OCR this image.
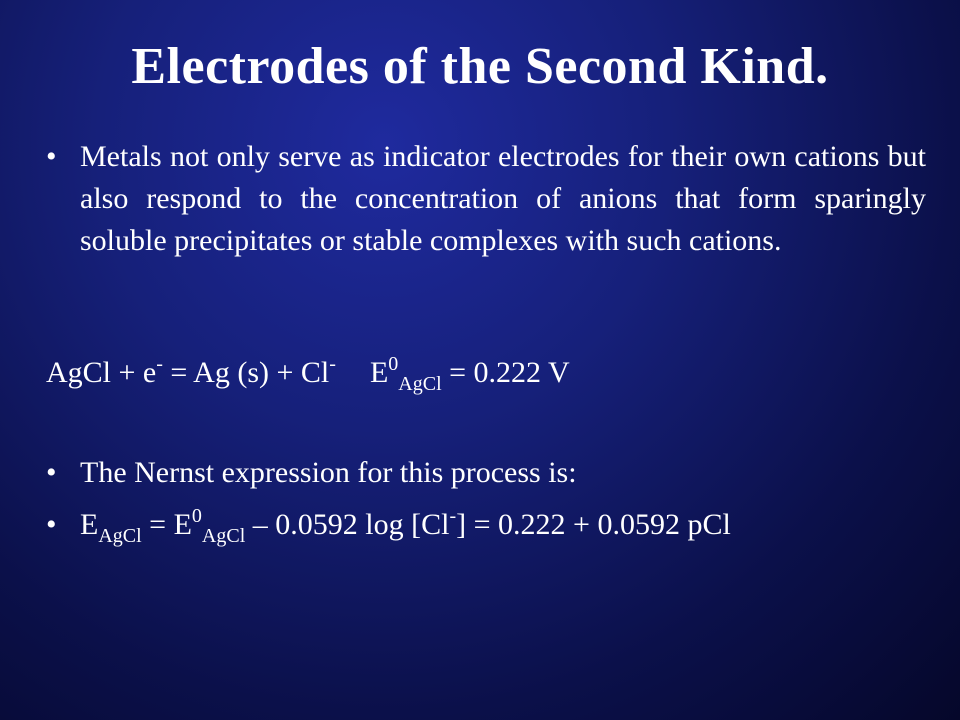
Electrodes of the Second Kind.
• Metals not only serve as indicator electrodes for their own cations but also respond to the concentration of anions that form sparingly soluble precipitates or stable complexes with such cations.
AgCl + e- = Ag (s) + Cl- $E^0_{AgCl} = 0.222$ V
• The Nernst expression for this process is:
• $E_{AgCl} = E^0_{AgCl} - 0.0592$ log [Cl-] = 0.222 + 0.0592 pCl
